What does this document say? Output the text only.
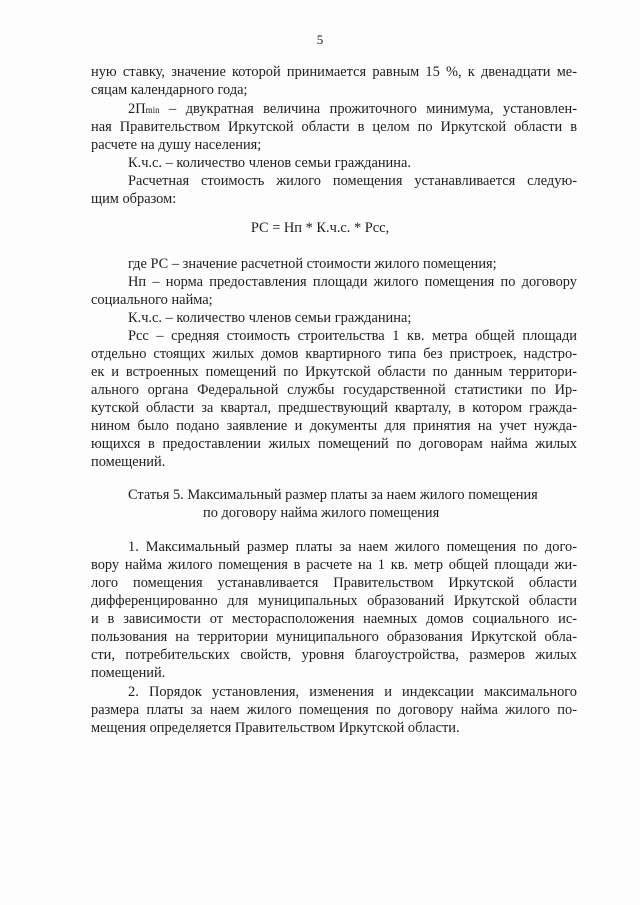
5
ную ставку, значение которой принимается равным 15 %, к двенадцати ме-
сяцам календарного года;
2Пmin – двукратная величина прожиточного минимума, установлен-
ная Правительством Иркутской области в целом по Иркутской области в
расчете на душу населения;
К.ч.с. – количество членов семьи гражданина.
Расчетная стоимость жилого помещения устанавливается следую-
щим образом:
РС = Нп * К.ч.с. * Рсс,
где РС – значение расчетной стоимости жилого помещения;
Нп – норма предоставления площади жилого помещения по договору
социального найма;
К.ч.с. – количество членов семьи гражданина;
Рсс – средняя стоимость строительства 1 кв. метра общей площади
отдельно стоящих жилых домов квартирного типа без пристроек, надстро-
ек и встроенных помещений по Иркутской области по данным территори-
ального органа Федеральной службы государственной статистики по Ир-
кутской области за квартал, предшествующий кварталу, в котором гражда-
нином было подано заявление и документы для принятия на учет нуждa-
ющихся в предоставлении жилых помещений по договорам найма жилых
помещений.
Статья 5. Максимальный размер платы за наем жилого помещения
по договору найма жилого помещения
1. Максимальный размер платы за наем жилого помещения по дого-
вору найма жилого помещения в расчете на 1 кв. метр общей площади жи-
лого помещения устанавливается Правительством Иркутской области
дифференцированно для муниципальных образований Иркутской области
и в зависимости от месторасположения наемных домов социального ис-
пользования на территории муниципального образования Иркутской обла-
сти, потребительских свойств, уровня благоустройства, размеров жилых
помещений.
2. Порядок установления, изменения и индексации максимального
размера платы за наем жилого помещения по договору найма жилого по-
мещения определяется Правительством Иркутской области.
